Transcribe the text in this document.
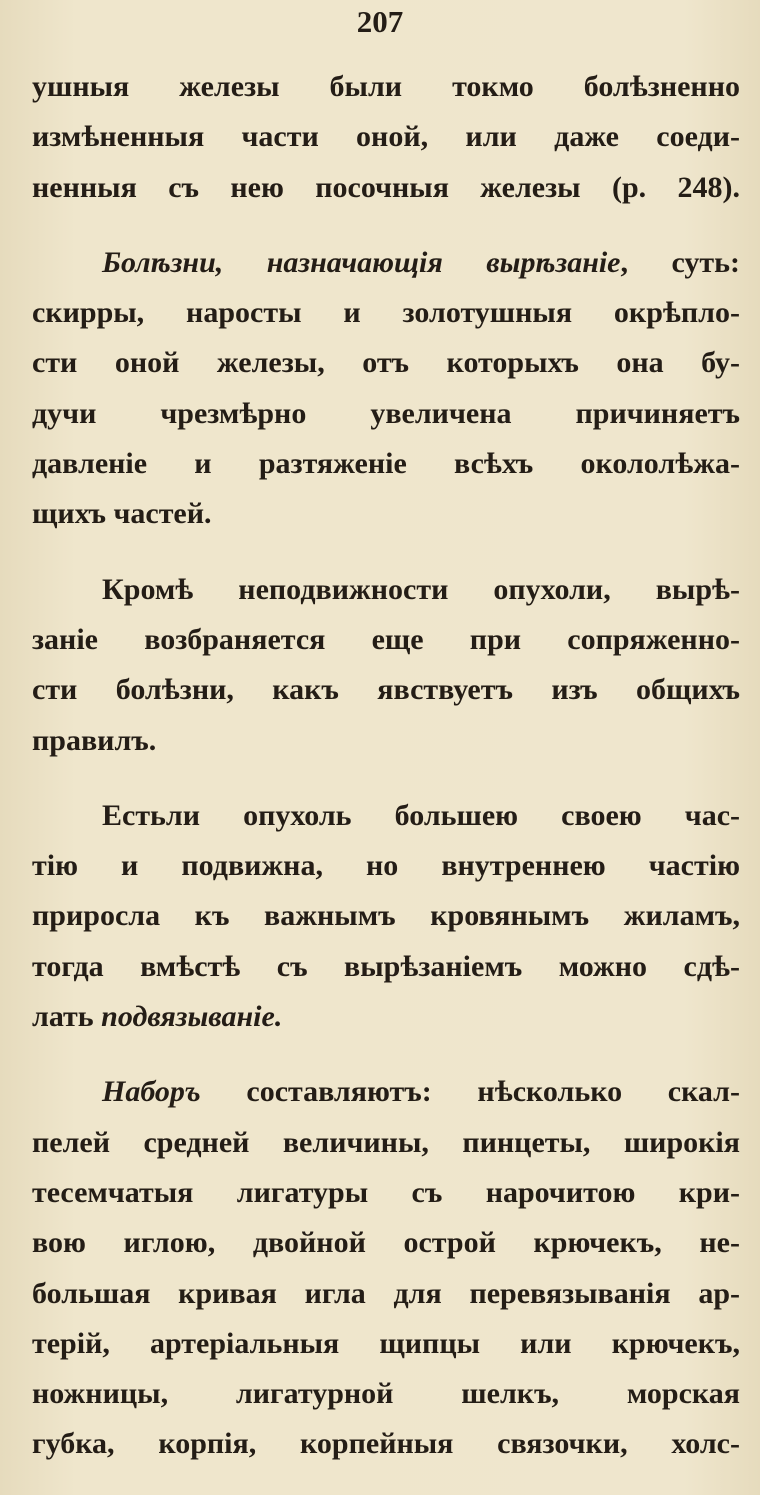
207

ушныя железы были токмо болѣзненно
измѣненныя части оной, или даже соеди-
ненныя съ нею посочныя железы (p. 248).

Болѣзни, назначающія вырѣзаніе, суть:
скирры, наросты и золотушныя окрѣпло-
сти оной железы, отъ которыхъ она бу-
дучи чрезмѣрно увеличена причиняетъ
давленіе и разтяженіе всѣхъ окололѣжа-
щихъ частей.

Кромѣ неподвижности опухоли, вырѣ-
заніе возбраняется еще при сопряженно-
сти болѣзни, какъ явствуетъ изъ общихъ
правилъ.

Естьли опухоль большею своею час-
тію и подвижна, но внутреннею частію
приросла къ важнымъ кровянымъ жиламъ,
тогда вмѣстѣ съ вырѣзаніемъ можно сдѣ-
лать подвязываніе.

Наборъ составляютъ: нѣсколько скал-
пелей средней величины, пинцеты, широкія
тесемчатыя лигатуры съ нарочитою кри-
вою иглою, двойной острой крючекъ, не-
большая кривая игла для перевязыванія ар-
терій, артеріальныя щипцы или крючекъ,
ножницы, лигатурной шелкъ, морская
губка, корпія, корпейныя связочки, холс-
